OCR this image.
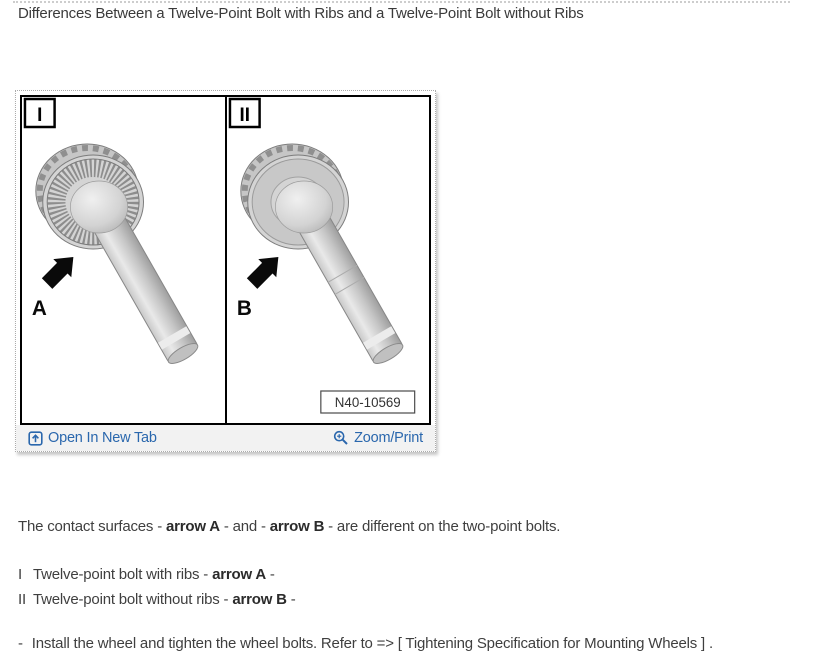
Differences Between a Twelve-Point Bolt with Ribs and a Twelve-Point Bolt without Ribs
A
I
B
N40-10569
II
Open In New Tab	Zoom/Print

The contact surfaces - arrow A - and - arrow B - are different on the two-point bolts.

I Twelve-point bolt with ribs - arrow A -

II Twelve-point bolt without ribs - arrow B -

- Install the wheel and tighten the wheel bolts. Refer to => [ Tightening Specification for Mounting Wheels ] .
